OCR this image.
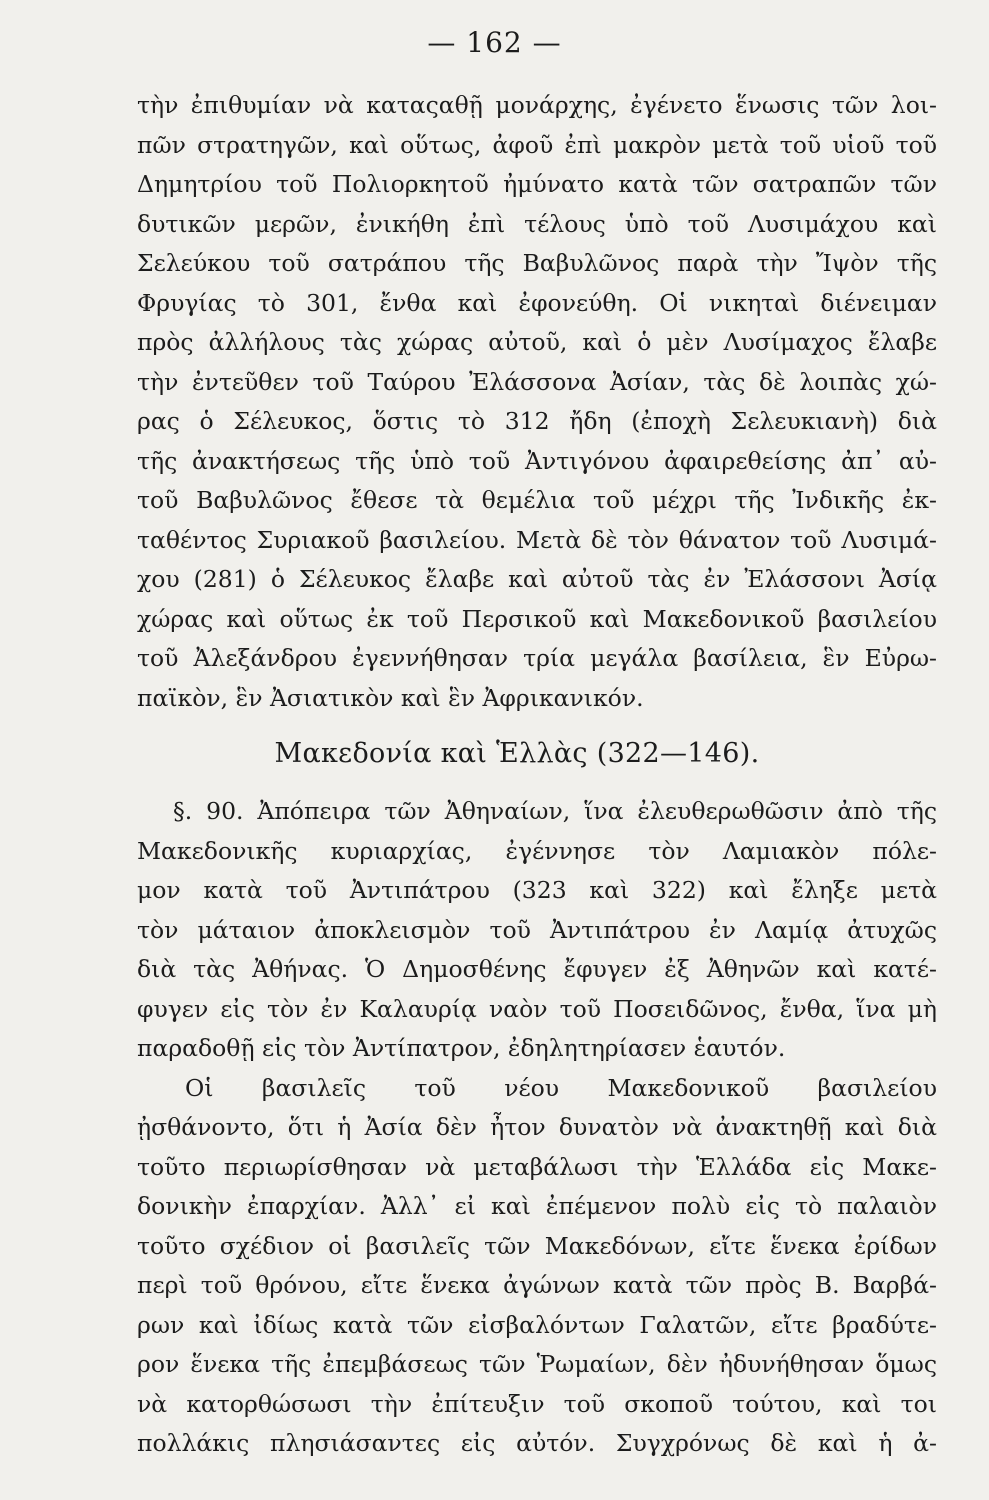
— 162 —
τὴν ἐπιθυμίαν νὰ καταςαθῇ μονάρχης, ἐγένετο ἕνωσις τῶν λοι-
πῶν στρατηγῶν, καὶ οὕτως, ἀφοῦ ἐπὶ μακρὸν μετὰ τοῦ υἱοῦ τοῦ
Δημητρίου τοῦ Πολιορκητοῦ ἠμύνατο κατὰ τῶν σατραπῶν τῶν
δυτικῶν μερῶν, ἐνικήθη ἐπὶ τέλους ὑπὸ τοῦ Λυσιμάχου καὶ
Σελεύκου τοῦ σατράπου τῆς Βαβυλῶνος παρὰ τὴν Ἴψὸν τῆς
Φρυγίας τὸ 301, ἔνθα καὶ ἐφονεύθη. Οἱ νικηταὶ διένειμαν
πρὸς ἀλλήλους τὰς χώρας αὐτοῦ, καὶ ὁ μὲν Λυσίμαχος ἔλαβε
τὴν ἐντεῦθεν τοῦ Ταύρου Ἐλάσσονα Ἀσίαν, τὰς δὲ λοιπὰς χώ-
ρας ὁ Σέλευκος, ὅστις τὸ 312 ἤδη (ἐποχὴ Σελευκιανὴ) διὰ
τῆς ἀνακτήσεως τῆς ὑπὸ τοῦ Ἀντιγόνου ἀφαιρεθείσης ἀπ᾽ αὐ-
τοῦ Βαβυλῶνος ἔθεσε τὰ θεμέλια τοῦ μέχρι τῆς Ἰνδικῆς ἐκ-
ταθέντος Συριακοῦ βασιλείου. Μετὰ δὲ τὸν θάνατον τοῦ Λυσιμά-
χου (281) ὁ Σέλευκος ἔλαβε καὶ αὐτοῦ τὰς ἐν Ἐλάσσονι Ἀσίᾳ
χώρας καὶ οὕτως ἐκ τοῦ Περσικοῦ καὶ Μακεδονικοῦ βασιλείου
τοῦ Ἀλεξάνδρου ἐγεννήθησαν τρία μεγάλα βασίλεια, ἓν Εὐρω-
παϊκὸν, ἓν Ἀσιατικὸν καὶ ἓν Ἀφρικανικόν.
Μακεδονία καὶ Ἑλλὰς (322—146).
§. 90. Ἀπόπειρα τῶν Ἀθηναίων, ἵνα ἐλευθερωθῶσιν ἀπὸ τῆς
Μακεδονικῆς κυριαρχίας, ἐγέννησε τὸν Λαμιακὸν πόλε-
μον κατὰ τοῦ Ἀντιπάτρου (323 καὶ 322) καὶ ἔληξε μετὰ
τὸν μάταιον ἀποκλεισμὸν τοῦ Ἀντιπάτρου ἐν Λαμίᾳ ἀτυχῶς
διὰ τὰς Ἀθήνας. Ὁ Δημοσθένης ἔφυγεν ἐξ Ἀθηνῶν καὶ κατέ-
φυγεν εἰς τὸν ἐν Καλαυρίᾳ ναὸν τοῦ Ποσειδῶνος, ἔνθα, ἵνα μὴ
παραδοθῇ εἰς τὸν Ἀντίπατρον, ἐδηλητηρίασεν ἑαυτόν.
Οἱ βασιλεῖς τοῦ νέου Μακεδονικοῦ βασιλείου
ᾐσθάνοντο, ὅτι ἡ Ἀσία δὲν ἦτον δυνατὸν νὰ ἀνακτηθῇ καὶ διὰ
τοῦτο περιωρίσθησαν νὰ μεταβάλωσι τὴν Ἑλλάδα εἰς Μακε-
δονικὴν ἐπαρχίαν. Ἀλλ᾽ εἰ καὶ ἐπέμενον πολὺ εἰς τὸ παλαιὸν
τοῦτο σχέδιον οἱ βασιλεῖς τῶν Μακεδόνων, εἴτε ἕνεκα ἐρίδων
περὶ τοῦ θρόνου, εἴτε ἕνεκα ἀγώνων κατὰ τῶν πρὸς Β. Βαρβά-
ρων καὶ ἰδίως κατὰ τῶν εἰσβαλόντων Γαλατῶν, εἴτε βραδύτε-
ρον ἕνεκα τῆς ἐπεμβάσεως τῶν Ῥωμαίων, δὲν ἠδυνήθησαν ὅμως
νὰ κατορθώσωσι τὴν ἐπίτευξιν τοῦ σκοποῦ τούτου, καὶ τοι
πολλάκις πλησιάσαντες εἰς αὐτόν. Συγχρόνως δὲ καὶ ἡ ἀ-
